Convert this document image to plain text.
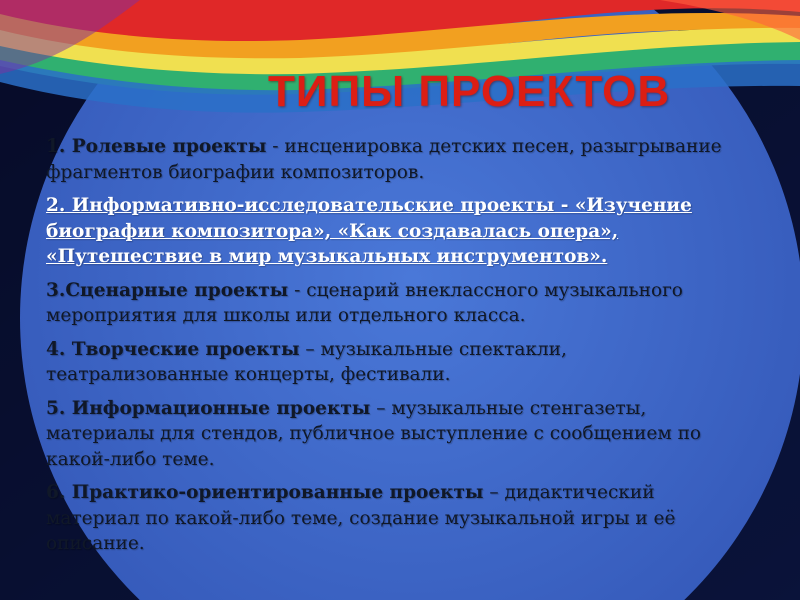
ТИПЫ ПРОЕКТОВ

1. Ролевые проекты - инсценировка детских песен, разыгрывание фрагментов биографии композиторов.

2. Информативно-исследовательские проекты - «Изучение биографии композитора», «Как создавалась опера», «Путешествие в мир музыкальных инструментов».

3.Сценарные проекты - сценарий внеклассного музыкального мероприятия для школы или отдельного класса.

4. Творческие проекты – музыкальные спектакли, театрализованные концерты, фестивали.

5. Информационные проекты – музыкальные стенгазеты, материалы для стендов, публичное выступление с сообщением по какой-либо теме.

6. Практико-ориентированные проекты – дидактический материал по какой-либо теме, создание музыкальной игры и её описание.
